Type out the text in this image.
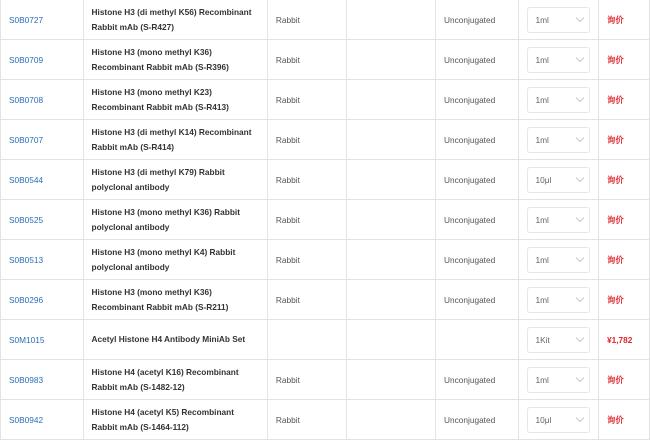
S0B0727	Histone H3 (di methyl K56) Recombinant Rabbit mAb (S-R427)	Rabbit		Unconjugated	1ml	询价
S0B0709	Histone H3 (mono methyl K36) Recombinant Rabbit mAb (S-R396)	Rabbit		Unconjugated	1ml	询价
S0B0708	Histone H3 (mono methyl K23) Recombinant Rabbit mAb (S-R413)	Rabbit		Unconjugated	1ml	询价
S0B0707	Histone H3 (di methyl K14) Recombinant Rabbit mAb (S-R414)	Rabbit		Unconjugated	1ml	询价
S0B0544	Histone H3 (di methyl K79) Rabbit polyclonal antibody	Rabbit		Unconjugated	10μl	询价
S0B0525	Histone H3 (mono methyl K36) Rabbit polyclonal antibody	Rabbit		Unconjugated	1ml	询价
S0B0513	Histone H3 (mono methyl K4) Rabbit polyclonal antibody	Rabbit		Unconjugated	1ml	询价
S0B0296	Histone H3 (mono methyl K36) Recombinant Rabbit mAb (S-R211)	Rabbit		Unconjugated	1ml	询价
S0M1015	Acetyl Histone H4 Antibody MiniAb Set				1Kit	¥1,782
S0B0983	Histone H4 (acetyl K16) Recombinant Rabbit mAb (S-1482-12)	Rabbit		Unconjugated	1ml	询价
S0B0942	Histone H4 (acetyl K5) Recombinant Rabbit mAb (S-1464-112)	Rabbit		Unconjugated	10μl	询价
